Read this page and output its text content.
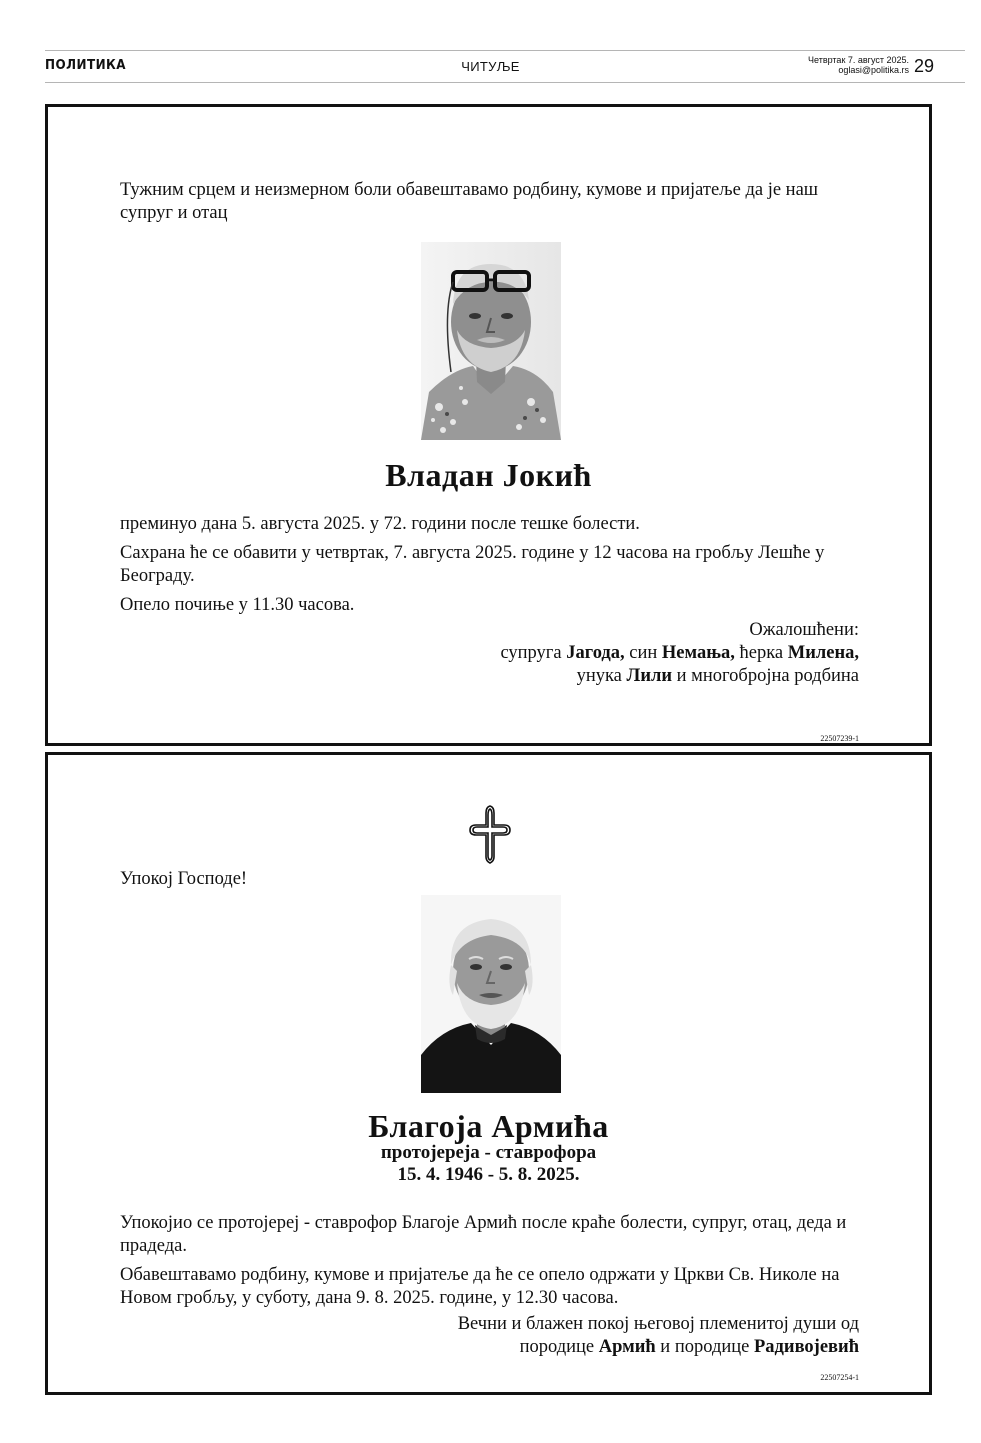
ПОЛИТИКА	ЧИТУЉЕ	Четвртак 7. август 2025.
oglasi@politika.rs 29
Тужним срцем и неизмерном боли обавештавамо родбину, кумове и пријатеље да је наш супруг и отац
Владан Јокић
преминуо дана 5. августа 2025. у 72. години после тешке болести.
Сахрана ће се обавити у четвртак, 7. августа 2025. године у 12 часова на гробљу Лешће у Београду.
Опело почиње у 11.30 часова.
Ожалошћени:
супруга Јагода, син Немања, ћерка Милена,
унука Лили и многобројна родбина
22507239-1
Упокој Господе!
Благоја Армића
протојереја - ставрофора
15. 4. 1946 - 5. 8. 2025.
Упокојио се протојереј - ставрофор Благоје Армић после краће болести, супруг, отац, деда и прадеда.
Обавештавамо родбину, кумове и пријатеље да ће се опело одржати у Цркви Св. Николе на Новом гробљу, у суботу, дана 9. 8. 2025. године, у 12.30 часова.
Вечни и блажен покој његовој племенитој души од
породице Армић и породице Радивојевић
22507254-1
